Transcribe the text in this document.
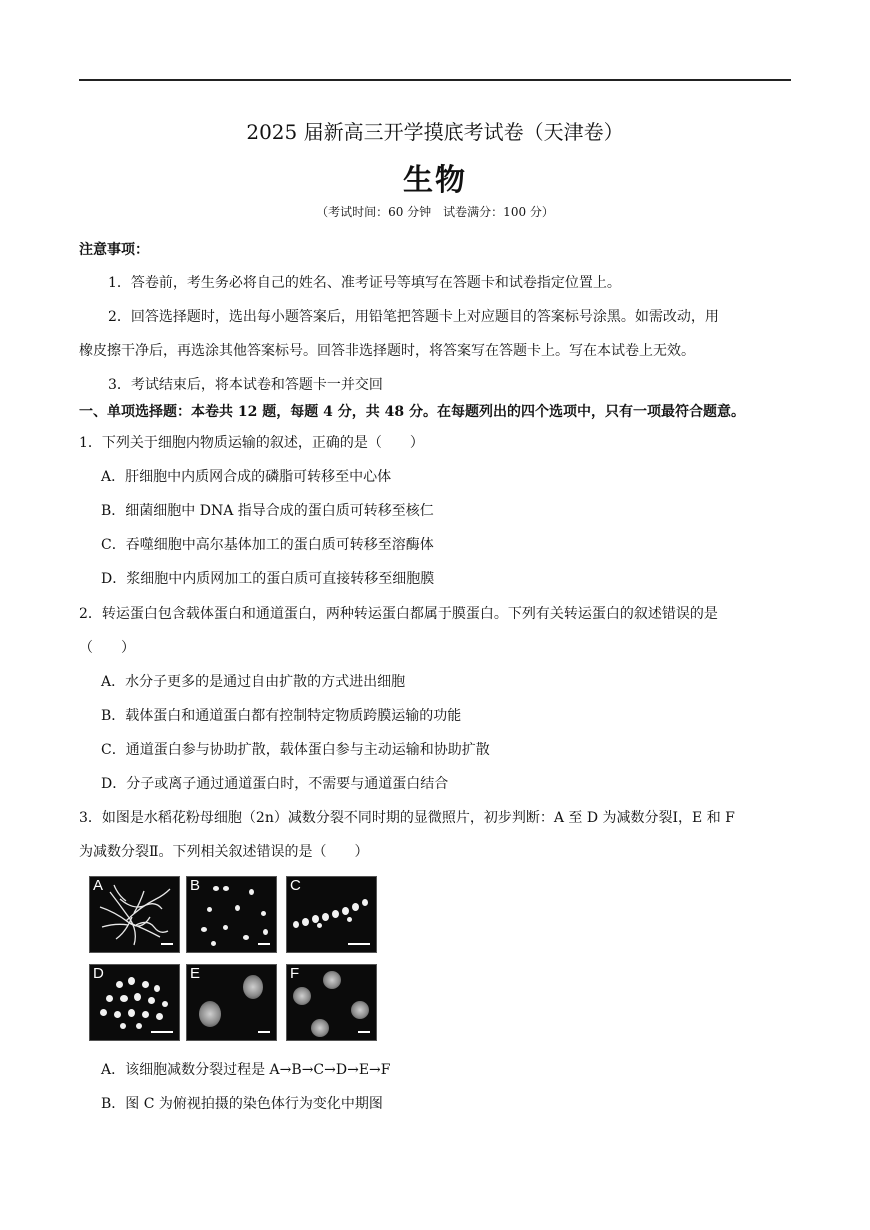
2025 届新高三开学摸底考试卷（天津卷）
生物
（考试时间：60 分钟　试卷满分：100 分）
注意事项：
1．答卷前，考生务必将自己的姓名、准考证号等填写在答题卡和试卷指定位置上。
2．回答选择题时，选出每小题答案后，用铅笔把答题卡上对应题目的答案标号涂黑。如需改动，用
橡皮擦干净后，再选涂其他答案标号。回答非选择题时，将答案写在答题卡上。写在本试卷上无效。
3．考试结束后，将本试卷和答题卡一并交回
一、单项选择题：本卷共 12 题，每题 4 分，共 48 分。在每题列出的四个选项中，只有一项最符合题意。
1．下列关于细胞内物质运输的叙述，正确的是（　　）
A．肝细胞中内质网合成的磷脂可转移至中心体
B．细菌细胞中 DNA 指导合成的蛋白质可转移至核仁
C．吞噬细胞中高尔基体加工的蛋白质可转移至溶酶体
D．浆细胞中内质网加工的蛋白质可直接转移至细胞膜
2．转运蛋白包含载体蛋白和通道蛋白，两种转运蛋白都属于膜蛋白。下列有关转运蛋白的叙述错误的是
（　　）
A．水分子更多的是通过自由扩散的方式进出细胞
B．载体蛋白和通道蛋白都有控制特定物质跨膜运输的功能
C．通道蛋白参与协助扩散，载体蛋白参与主动运输和协助扩散
D．分子或离子通过通道蛋白时，不需要与通道蛋白结合
3．如图是水稻花粉母细胞（2n）减数分裂不同时期的显微照片，初步判断：A 至 D 为减数分裂Ⅰ，E 和 F
为减数分裂Ⅱ。下列相关叙述错误的是（　　）
A	B	C
D	E	F
A．该细胞减数分裂过程是 A→B→C→D→E→F
B．图 C 为俯视拍摄的染色体行为变化中期图
